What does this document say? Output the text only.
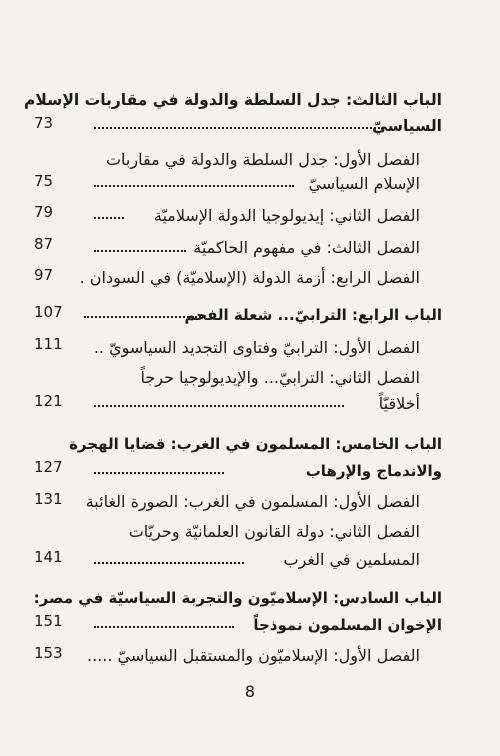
الباب الثالث: جدل السلطة والدولة في مقاربات الإسلام
73	السياسيّ
الفصل الأول: جدل السلطة والدولة في مقاربات
75	الإسلام السياسيّ
79	الفصل الثاني: إيديولوجيا الدولة الإسلاميّة
87	الفصل الثالث: في مفهوم الحاكميّة
97 الفصل الرابع: أزمة الدولة (الإسلاميّة) في السودان .
107	الباب الرابع: الترابيّ... شعلة الفحم
111	الفصل الأول: الترابيّ وفتاوى التجديد السياسويّ ..
الفصل الثاني: الترابيّ... والإيديولوجيا حرجاً
121	أخلاقيّاً
الباب الخامس: المسلمون في الغرب: قضايا الهجرة
127	والاندماج والإرهاب
131 الفصل الأول: المسلمون في الغرب: الصورة الغائبة
الفصل الثاني: دولة القانون العلمانيّة وحريّات
141	المسلمين في الغرب
الباب السادس: الإسلاميّون والتجربة السياسيّة في مصر:
151	الإخوان المسلمون نموذجاً
153 الفصل الأول: الإسلاميّون والمستقبل السياسيّ .....
8
